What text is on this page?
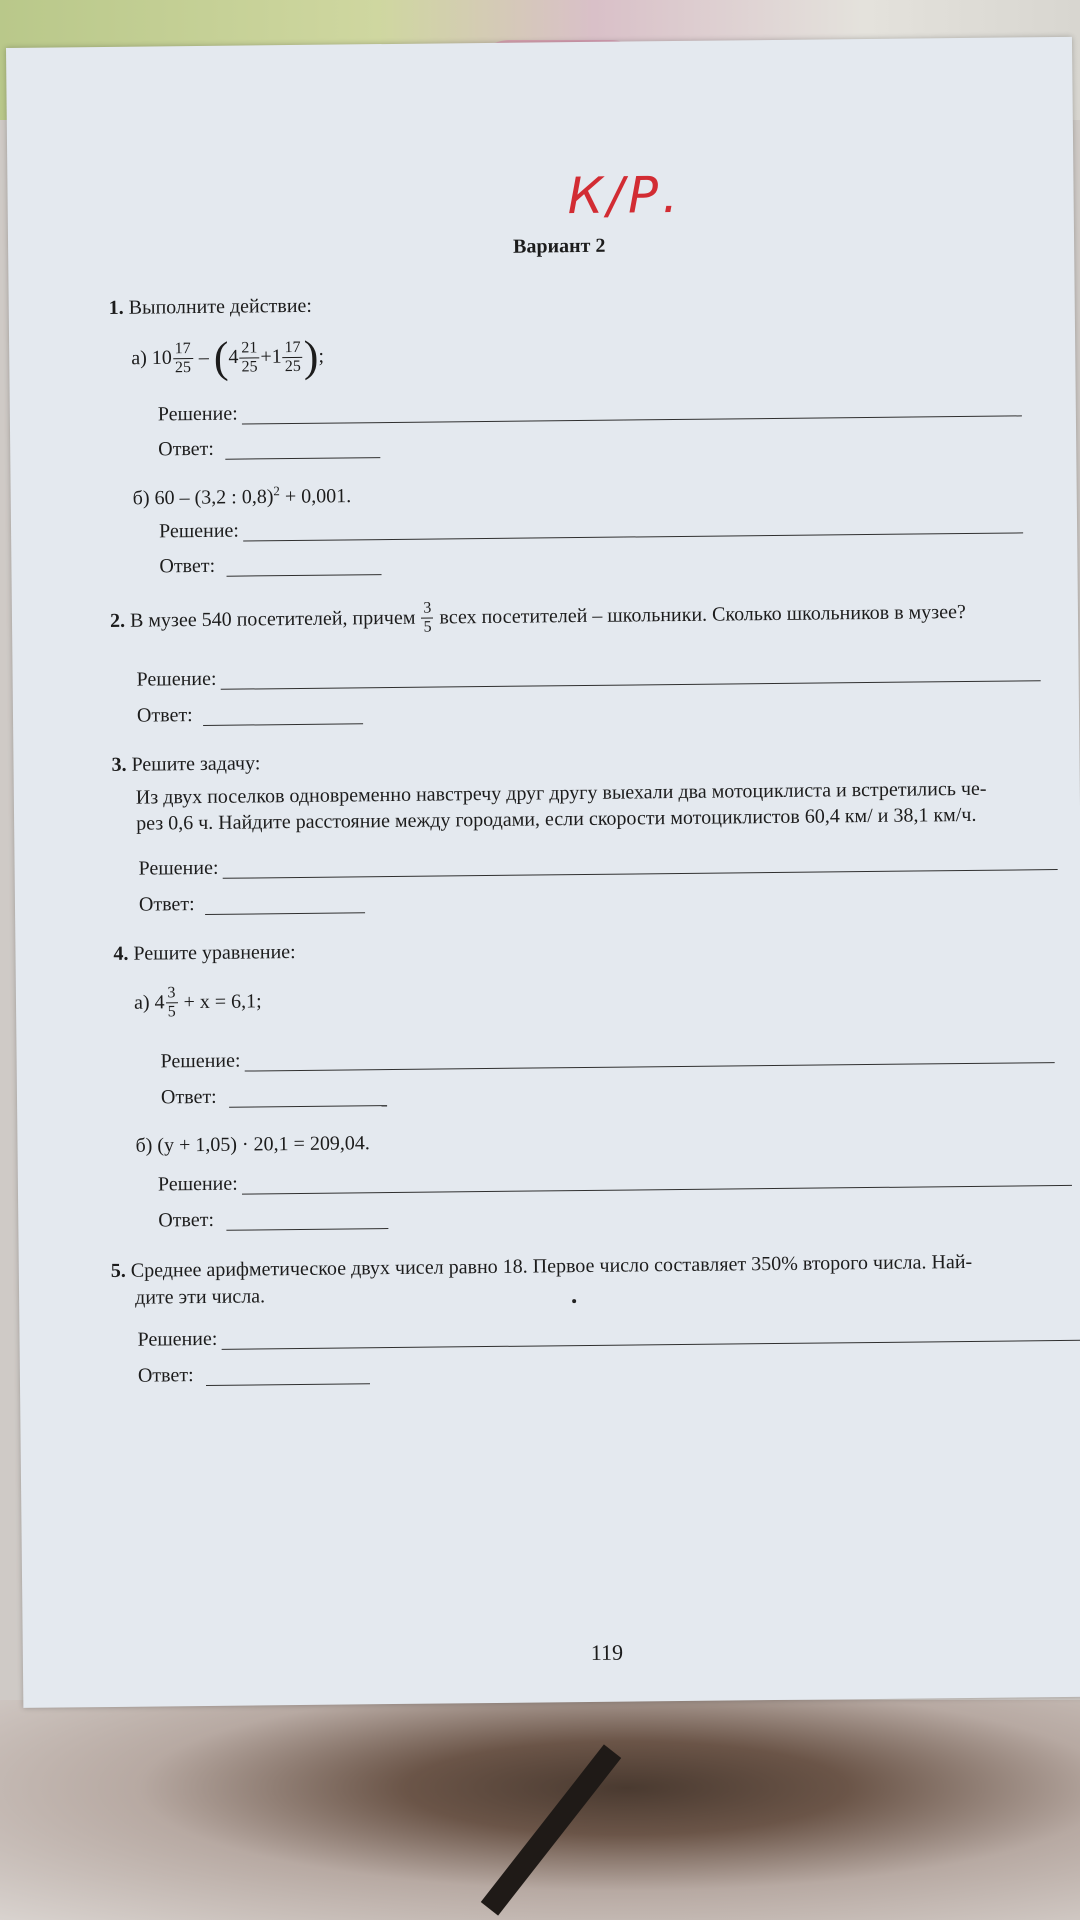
К/Р.
Вариант 2
1. Выполните действие:
а) $10 \frac{17}{25} - (4 \frac{21}{25} +1 \frac{17}{25}$ );
Решение:
Ответ:
б) 60 – (3,2 : 0,8)$^2$ + 0,001.
Решение:
Ответ:
2. В музее 540 посетителей, причем $\frac{3}{5}$ всех посетителей – школьники. Сколько школьников в музее?
Решение:
Ответ:
3. Решите задачу:
Из двух поселков одновременно навстречу друг другу выехали два мотоциклиста и встретились че-
рез 0,6 ч. Найдите расстояние между городами, если скорости мотоциклистов 60,4 км/ и 38,1 км/ч.
Решение:
Ответ:
4. Решите уравнение:
а) $4 \frac{3}{5} + x = 6,1$;
Решение:
Ответ:
б) (y + 1,05) · 20,1 = 209,04.
Решение:
Ответ:
5. Среднее арифметическое двух чисел равно 18. Первое число составляет 350% второго числа. Най-
дите эти числа.
Решение:
Ответ:
119
